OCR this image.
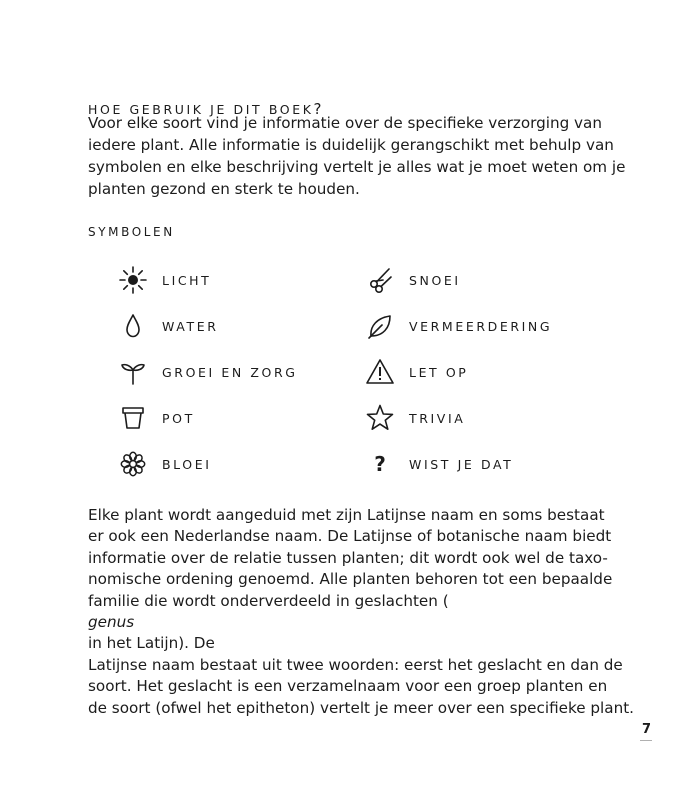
HOE GEBRUIK JE DIT BOEK?

Voor elke soort vind je informatie over de specifieke verzorging van
iedere plant. Alle informatie is duidelijk gerangschikt met behulp van
symbolen en elke beschrijving vertelt je alles wat je moet weten om je
planten gezond en sterk te houden.

SYMBOLEN
LICHT
WATER
GROEI EN ZORG
POT
BLOEI
SNOEI
VERMEERDERING
LET OP
TRIVIA
? WIST JE DAT

Elke plant wordt aangeduid met zijn Latijnse naam en soms bestaat
er ook een Nederlandse naam. De Latijnse of botanische naam biedt
informatie over de relatie tussen planten; dit wordt ook wel de taxo-
nomische ordening genoemd. Alle planten behoren tot een bepaalde
familie die wordt onderverdeeld in geslachten (
genus
in het Latijn). De
Latijnse naam bestaat uit twee woorden: eerst het geslacht en dan de
soort. Het geslacht is een verzamelnaam voor een groep planten en
de soort (ofwel het epitheton) vertelt je meer over een specifieke plant.

7
